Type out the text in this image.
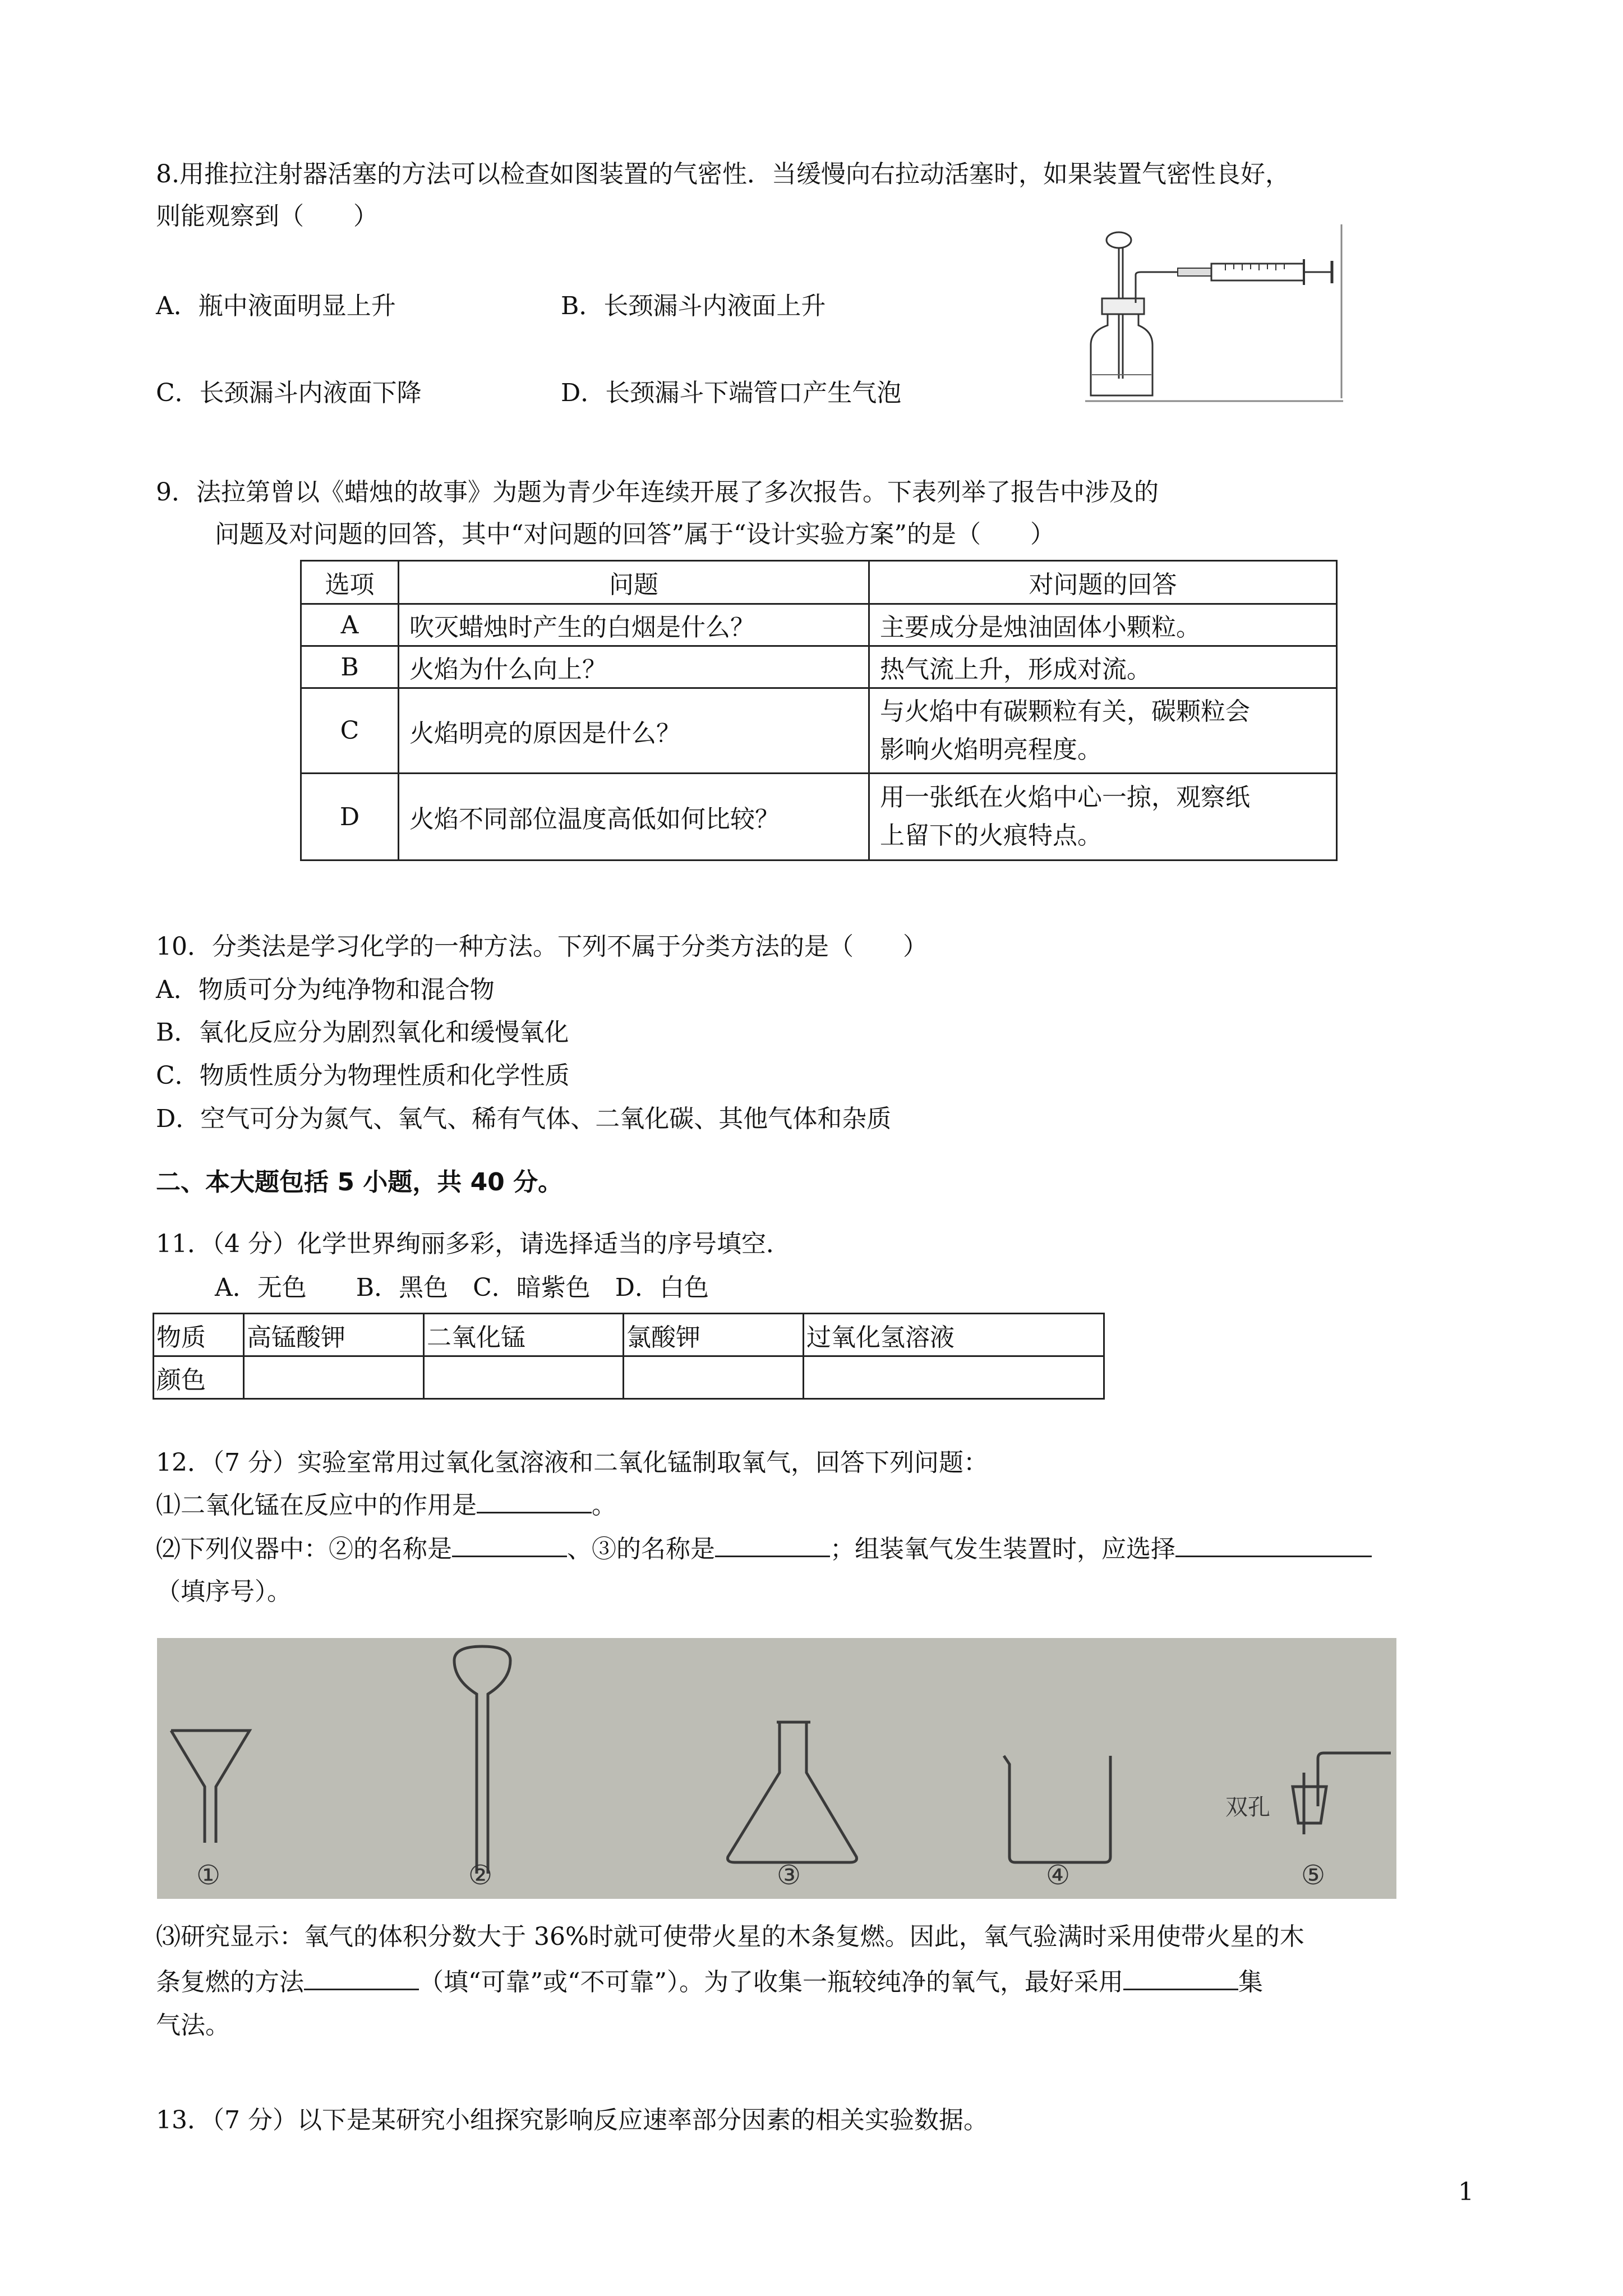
8.用推拉注射器活塞的方法可以检查如图装置的气密性．当缓慢向右拉动活塞时，如果装置气密性良好，
则能观察到（　　）
A．瓶中液面明显上升	B．长颈漏斗内液面上升
C．长颈漏斗内液面下降	D．长颈漏斗下端管口产生气泡
9．法拉第曾以《蜡烛的故事》为题为青少年连续开展了多次报告。下表列举了报告中涉及的
问题及对问题的回答，其中“对问题的回答”属于“设计实验方案”的是（　　）
选项	问题	对问题的回答
A	吹灭蜡烛时产生的白烟是什么？	主要成分是烛油固体小颗粒。
B	火焰为什么向上？	热气流上升，形成对流。
C	火焰明亮的原因是什么？	与火焰中有碳颗粒有关，碳颗粒会
影响火焰明亮程度。

D	火焰不同部位温度高低如何比较？	用一张纸在火焰中心一掠，观察纸
上留下的火痕特点。
10．分类法是学习化学的一种方法。下列不属于分类方法的是（　　）
A．物质可分为纯净物和混合物
B．氧化反应分为剧烈氧化和缓慢氧化
C．物质性质分为物理性质和化学性质
D．空气可分为氮气、氧气、稀有气体、二氧化碳、其他气体和杂质
二、本大题包括 5 小题，共 40 分。
11．（4 分）化学世界绚丽多彩，请选择适当的序号填空．
A．无色　　B．黑色　C．暗紫色　D．白色
物质	高锰酸钾	二氧化锰	氯酸钾	过氧化氢溶液
颜色				
12．（7 分）实验室常用过氧化氢溶液和二氧化锰制取氧气，回答下列问题：
⑴二氧化锰在反应中的作用是	。
⑵下列仪器中：②的名称是	、③的名称是	；组装氧气发生装置时，应选择
（填序号）。
①	②	③	④	⑤
双孔
⑶研究显示：氧气的体积分数大于 36%时就可使带火星的木条复燃。因此，氧气验满时采用使带火星的木
条复燃的方法	（填“可靠”或“不可靠”）。为了收集一瓶较纯净的氧气，最好采用	集
气法。
13．（7 分）以下是某研究小组探究影响反应速率部分因素的相关实验数据。
1
